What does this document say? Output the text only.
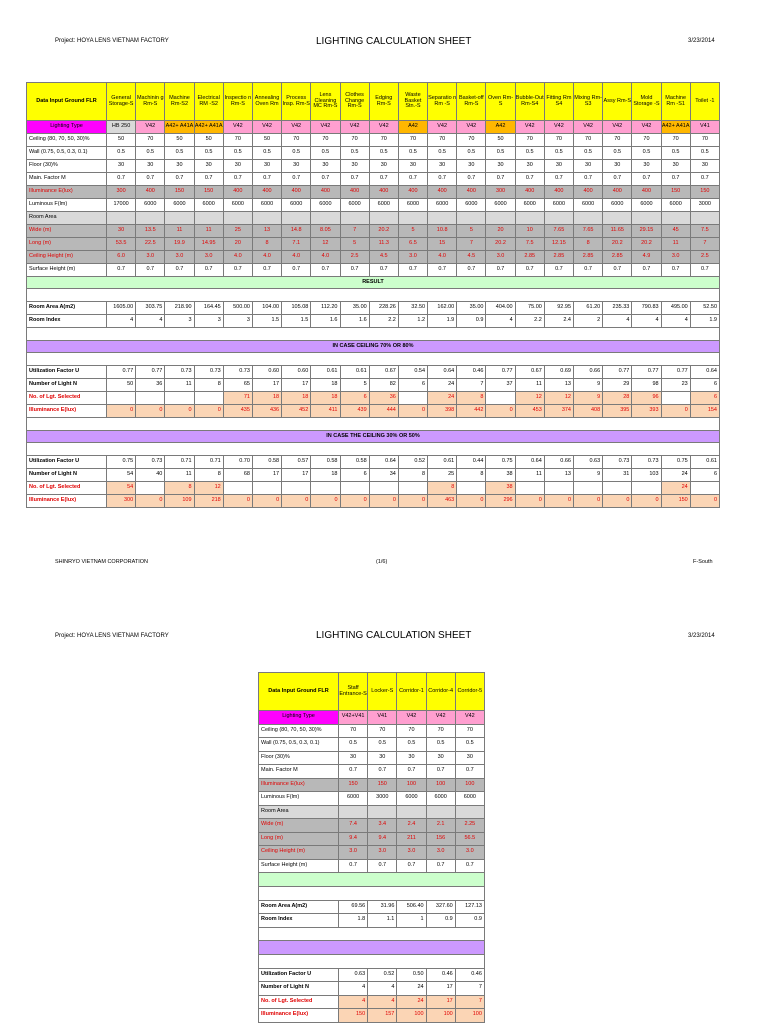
Project: HOYA LENS VIETNAM FACTORY	LIGHTING CALCULATION SHEET	3/23/2014
Data Input Ground FLR	General Storage-S	Machinin g Rm-S	Machine Rm-S2	Electrical RM -S2	Inspectio n Rm-S	Annealing Oven Rm	Process Insp. Rm-S	Lens Cleaning MC Rm-S	Clothes Change Rm-S	Edging Rm-S	Waste Basket Stn.-S	Separatio n Rm -S	Basket-off Rm-S	Oven Rm-S	Bubble-Out Rm-S4	Fitting Rm S4	Mixing Rm-S3	Assy Rm-S	Mold Storage -S	Machine Rm -S1	Toilet -1
Lighting Type	HB 250	V42	A42+ A41A	A42+ A41A	V42	V42	V42	V42	V42	V42	A42	V42	V42	A42	V42	V42	V42	V42	V42	A42+ A41A	V41
Ceiling (80, 70, 50, 30)%	50	70	50	50	70	50	70	70	70	70	70	70	70	50	70	70	70	70	70	70	70
Wall (0.75, 0.5, 0.3, 0.1)	0.5	0.5	0.5	0.5	0.5	0.5	0.5	0.5	0.5	0.5	0.5	0.5	0.5	0.5	0.5	0.5	0.5	0.5	0.5	0.5	0.5
Floor (30)%	30	30	30	30	30	30	30	30	30	30	30	30	30	30	30	30	30	30	30	30	30
Main. Factor M	0.7	0.7	0.7	0.7	0.7	0.7	0.7	0.7	0.7	0.7	0.7	0.7	0.7	0.7	0.7	0.7	0.7	0.7	0.7	0.7	0.7
Illuminance E(lux)	300	400	150	150	400	400	400	400	400	400	400	400	400	300	400	400	400	400	400	150	150
Luminous F(lm)	17000	6000	6000	6000	6000	6000	6000	6000	6000	6000	6000	6000	6000	6000	6000	6000	6000	6000	6000	6000	3000
Room Area																					
Wide (m)	30	13.5	11	11	25	13	14.8	8.05	7	20.2	5	10.8	5	20	10	7.65	7.65	11.65	29.15	45	7.5
Long (m)	53.5	22.5	19.9	14.95	20	8	7.1	12	5	11.3	6.5	15	7	20.2	7.5	12.15	8	20.2	20.2	11	7
Ceiling Height (m)	6.0	3.0	3.0	3.0	4.0	4.0	4.0	4.0	2.5	4.5	3.0	4.0	4.5	3.0	2.85	2.85	2.85	2.85	4.9	3.0	2.5
Surface Height (m)	0.7	0.7	0.7	0.7	0.7	0.7	0.7	0.7	0.7	0.7	0.7	0.7	0.7	0.7	0.7	0.7	0.7	0.7	0.7	0.7	0.7
RESULT																					

Room Area A(m2)	1605.00	303.75	218.90	164.45	500.00	104.00	105.08	112.20	35.00	228.26	32.50	162.00	35.00	404.00	75.00	92.95	61.20	235.33	790.83	495.00	52.50
Room Index	4	4	3	3	3	1.5	1.5	1.6	1.6	2.2	1.2	1.9	0.9	4	2.2	2.4	2	4	4	4	1.9

IN CASE CEILING 70% OR 80%																					

Utilization Factor U	0.77	0.77	0.73	0.73	0.73	0.60	0.60	0.61	0.61	0.67	0.54	0.64	0.46	0.77	0.67	0.69	0.66	0.77	0.77	0.77	0.64
Number of Light N	50	36	11	8	65	17	17	18	5	82	6	24	7	37	11	13	9	29	98	23	6
No. of Lgt. Selected					71	18	18	18	6	36		24	8		12	12	9	28	96		6
Illuminance E(lux)	0	0	0	0	435	436	452	411	439	444	0	398	442	0	453	374	408	395	393	0	154

IN CASE THE CEILING 30% OR 50%																					

Utilization Factor U	0.75	0.73	0.71	0.71	0.70	0.58	0.57	0.58	0.58	0.64	0.52	0.61	0.44	0.75	0.64	0.66	0.63	0.73	0.73	0.75	0.61
Number of Light N	54	40	11	8	68	17	17	18	6	34	8	25	8	38	11	13	9	31	103	24	6
No. of Lgt. Selected	54		8	12								8		38						24	
Illuminance E(lux)	300	0	109	218	0	0	0	0	0	0	0	463	0	296	0	0	0	0	0	150	0
SHINRYO VIETNAM CORPORATION	(1/6)	F-South
Project: HOYA LENS VIETNAM FACTORY	LIGHTING CALCULATION SHEET	3/23/2014
Data Input Ground FLR	Staff Entrance-S	Locker-S	Corridor-1	Corridor-4	Corridor-5
Lighting Type	V42+V41	V41	V42	V42	V42
Ceiling (80, 70, 50, 30)%	70	70	70	70	70
Wall (0.75, 0.5, 0.3, 0.1)	0.5	0.5	0.5	0.5	0.5
Floor (30)%	30	30	30	30	30
Main. Factor M	0.7	0.7	0.7	0.7	0.7
Illuminance E(lux)	150	150	100	100	100
Luminous F(lm)	6000	3000	6000	6000	6000
Room Area					
Wide (m)	7.4	3.4	2.4	2.1	2.25
Long (m)	9.4	9.4	211	156	56.5
Ceiling Height (m)	3.0	3.0	3.0	3.0	3.0
Surface Height (m)	0.7	0.7	0.7	0.7	0.7

Room Area A(m2)	69.56	31.96	506.40	327.60	127.13
Room Index	1.8	1.1	1	0.9	0.9

Utilization Factor U	0.63	0.52	0.50	0.46	0.46
Number of Light N	4	4	24	17	7
No. of Lgt. Selected	4	4	24	17	7
Illuminance E(lux)	150	157	100	100	100
